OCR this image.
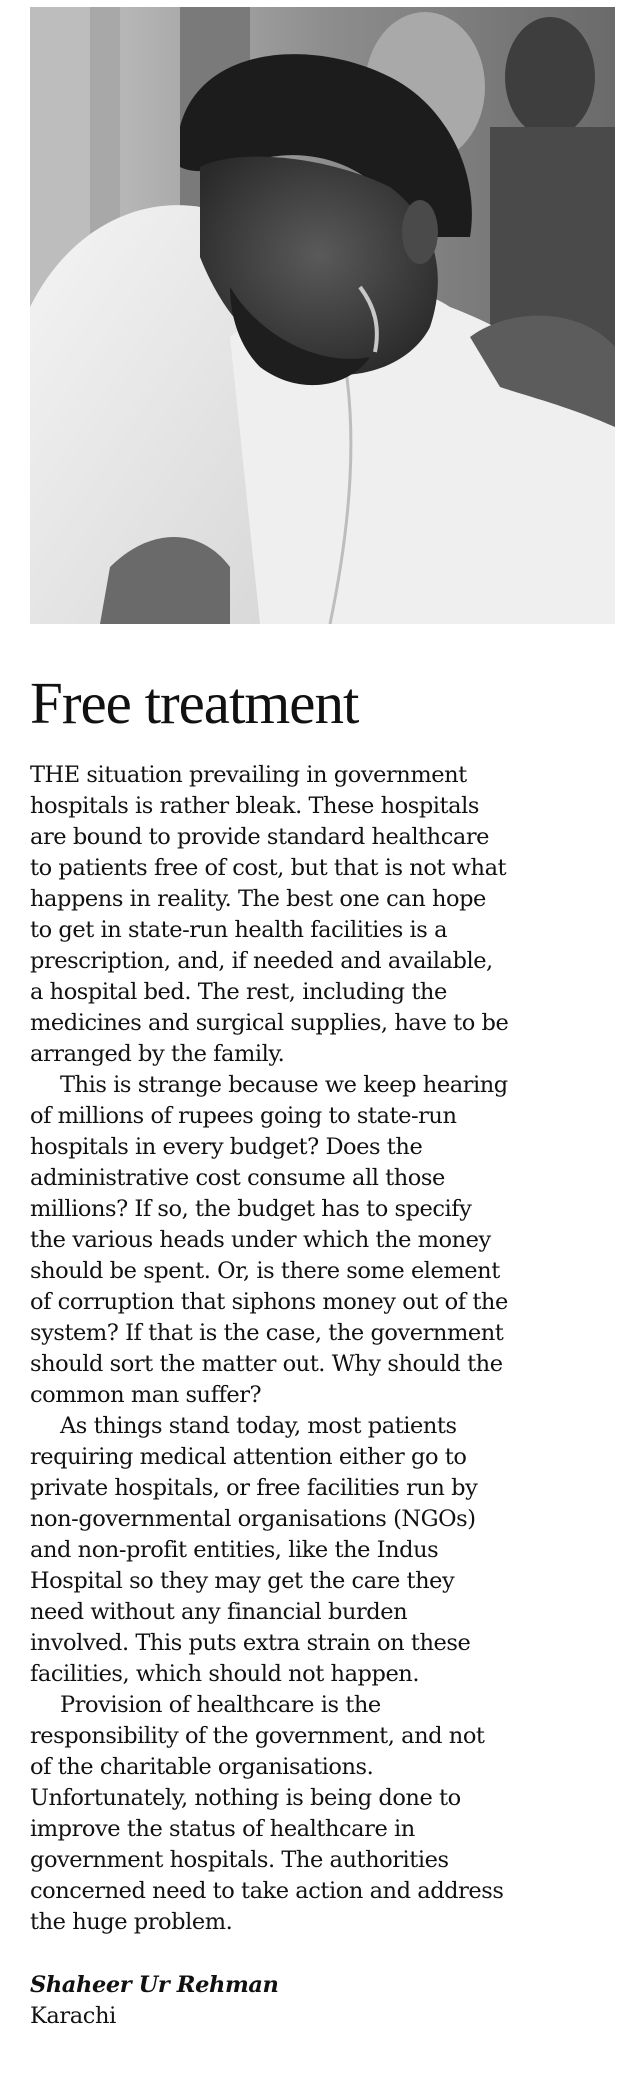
Free treatment

THE situation prevailing in government
hospitals is rather bleak. These hospitals
are bound to provide standard healthcare
to patients free of cost, but that is not what
happens in reality. The best one can hope
to get in state-run health facilities is a
prescription, and, if needed and available,
a hospital bed. The rest, including the
medicines and surgical supplies, have to be
arranged by the family.

This is strange because we keep hearing
of millions of rupees going to state-run
hospitals in every budget? Does the
administrative cost consume all those
millions? If so, the budget has to specify
the various heads under which the money
should be spent. Or, is there some element
of corruption that siphons money out of the
system? If that is the case, the government
should sort the matter out. Why should the
common man suffer?

As things stand today, most patients
requiring medical attention either go to
private hospitals, or free facilities run by
non-governmental organisations (NGOs)
and non-profit entities, like the Indus
Hospital so they may get the care they
need without any financial burden
involved. This puts extra strain on these
facilities, which should not happen.

Provision of healthcare is the
responsibility of the government, and not
of the charitable organisations.
Unfortunately, nothing is being done to
improve the status of healthcare in
government hospitals. The authorities
concerned need to take action and address
the huge problem.

Shaheer Ur Rehman
Karachi
